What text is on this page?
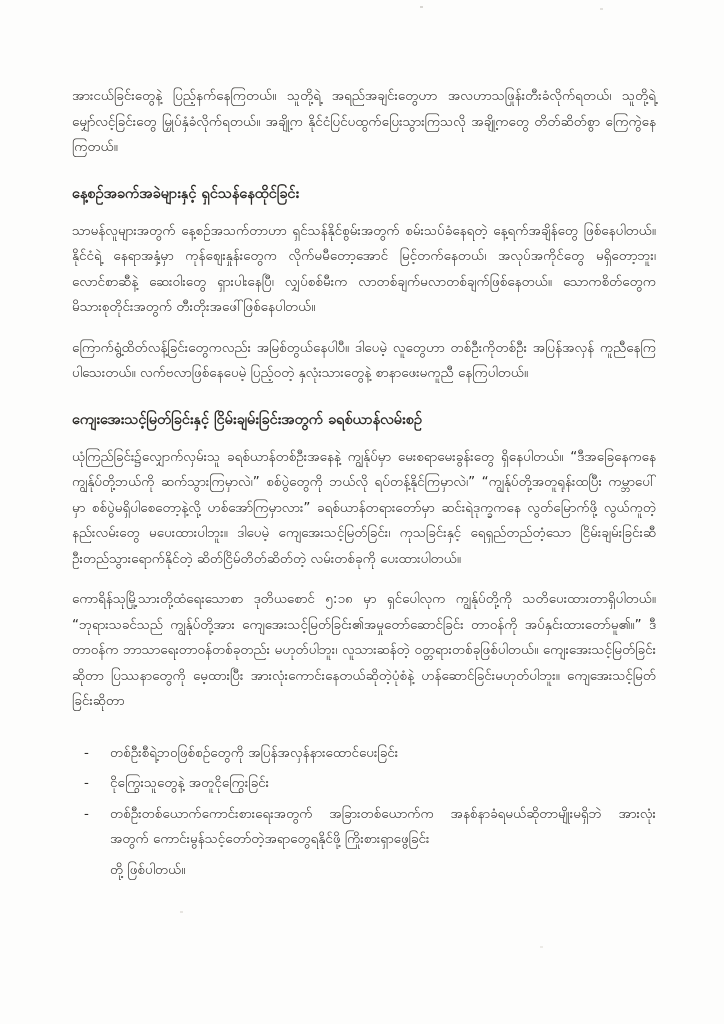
အားငယ်ခြင်းတွေနဲ့ ပြည့်နက်နေကြတယ်။ သူတို့ရဲ့ အရည်အချင်းတွေဟာ အလဟာသဖြုန်းတီးခံလိုက်ရတယ်၊ သူတို့ရဲ့ မျှော်လင့်ခြင်းတွေ မြှုပ်နှံခံလိုက်ရတယ်။ အချို့က နိုင်ငံပြင်ပထွက်ပြေးသွားကြသလို အချို့ကတွေ တိတ်ဆိတ်စွာ ကြေကွဲနေကြတယ်။

နေ့စဉ်အခက်အခဲများနှင့် ရှင်သန်နေထိုင်ခြင်း

သာမန်လူများအတွက် နေ့စဉ်အသက်တာဟာ ရှင်သန်နိုင်စွမ်းအတွက် စမ်းသပ်ခံနေရတဲ့ နေ့ရက်အချိန်တွေ ဖြစ်နေပါတယ်။ နိုင်ငံရဲ့ နေရာအနှံ့မှာ ကုန်ဈေးနှုန်းတွေက လိုက်မမီတော့အောင် မြင့်တက်နေတယ်၊ အလုပ်အကိုင်တွေ မရှိတော့ဘူး၊ လောင်စာဆီနဲ့ ဆေးဝါးတွေ ရှားပါးနေပြီ၊ လျှပ်စစ်မီးက လာတစ်ချက်မလာတစ်ချက်ဖြစ်နေတယ်။ သောကစိတ်တွေက မိသားစုတိုင်းအတွက် တီးတိုးအဖေါ်ဖြစ်နေပါတယ်။

ကြောက်ရွံ့ထိတ်လန့်ခြင်းတွေကလည်း အမြစ်တွယ်နေပါပီ။ ဒါပေမဲ့ လူတွေဟာ တစ်ဦးကိုတစ်ဦး အပြန်အလှန် ကူညီနေကြပါသေးတယ်။ လက်ဗလာဖြစ်နေပေမဲ့ ပြည့်ဝတဲ့ နှလုံးသားတွေနဲ့ စာနာဖေးမကူညီ နေကြပါတယ်။

ကျေးအေးသင့်မြတ်ခြင်းနှင့် ငြိမ်းချမ်းခြင်းအတွက် ခရစ်ယာန်လမ်းစဉ်

ယုံကြည်ခြင်း၌လျှောက်လှမ်းသူ ခရစ်ယာန်တစ်ဦးအနေနဲ့ ကျွန်ုပ်မှာ မေးစရာမေးခွန်းတွေ ရှိနေပါတယ်။ “ဒီအခြေနေကနေ ကျွန်ုပ်တို့ဘယ်ကို ဆက်သွားကြမှာလဲ၊” စစ်ပွဲတွေကို ဘယ်လို ရပ်တန့်နိုင်ကြမှာလဲ၊” “ကျွန်ုပ်တို့အတူရုန်းထပြီး ကမ္ဘာပေါ်မှာ စစ်ပွဲမရှိပါစေတော့နဲ့လို့ ဟစ်အော်ကြမှာလား” ခရစ်ယာန်တရားတော်မှာ ဆင်းရဲဒုက္ခကနေ လွတ်မြောက်ဖို့ လွယ်ကူတဲ့ နည်းလမ်းတွေ မပေးထားပါဘူး။ ဒါပေမဲ့ ကျေအေးသင့်မြတ်ခြင်း၊ ကုသခြင်းနှင့် ရေရှည်တည်တံ့သော ငြိမ်းချမ်းခြင်းဆီဦးတည်သွားရောက်နိုင်တဲ့ ဆိတ်ငြိမ်တိတ်ဆိတ်တဲ့ လမ်းတစ်ခုကို ပေးထားပါတယ်။

ကောရိန်သုမြို့သားတို့ထံရေးသောစာ ဒုတိယစောင် ၅:၁၈ မှာ ရှင်ပေါလုက ကျွန်ုပ်တို့ကို သတိပေးထားတာရှိပါတယ်။ “ဘုရားသခင်သည် ကျွန်ုပ်တို့အား ကျေအေးသင့်မြတ်ခြင်း၏အမှုတော်ဆောင်ခြင်း တာဝန်ကို အပ်နှင်းထားတော်မူ၏။” ဒီတာဝန်က ဘာသာရေးတာဝန်တစ်ခုတည်း မဟုတ်ပါဘူး၊ လူသားဆန်တဲ့ ဝတ္တရားတစ်ခုဖြစ်ပါတယ်။ ကျေးအေးသင့်မြတ်ခြင်းဆိုတာ ပြဿနာတွေကို မေ့ထားပြီး အားလုံးကောင်းနေတယ်ဆိုတဲ့ပုံစံနဲ့ ဟန်ဆောင်ခြင်းမဟုတ်ပါဘူး။ ကျေအေးသင့်မြတ်ခြင်းဆိုတာ

-	တစ်ဦးစီရဲ့ဘဝဖြစ်စဉ်တွေကို အပြန်အလှန်နားထောင်ပေးခြင်း
-	ငိုကြွေးသူတွေနဲ့ အတူငိုကြွေးခြင်း
-	တစ်ဦးတစ်ယောက်ကောင်းစားရေးအတွက် အခြားတစ်ယောက်က အနစ်နာခံရမယ်ဆိုတာမျိုးမရှိဘဲ အားလုံးအတွက် ကောင်းမွန်သင့်တော်တဲ့အရာတွေရနိုင်ဖို့ ကြိုးစားရှာဖွေခြင်း

တို့ ဖြစ်ပါတယ်။
